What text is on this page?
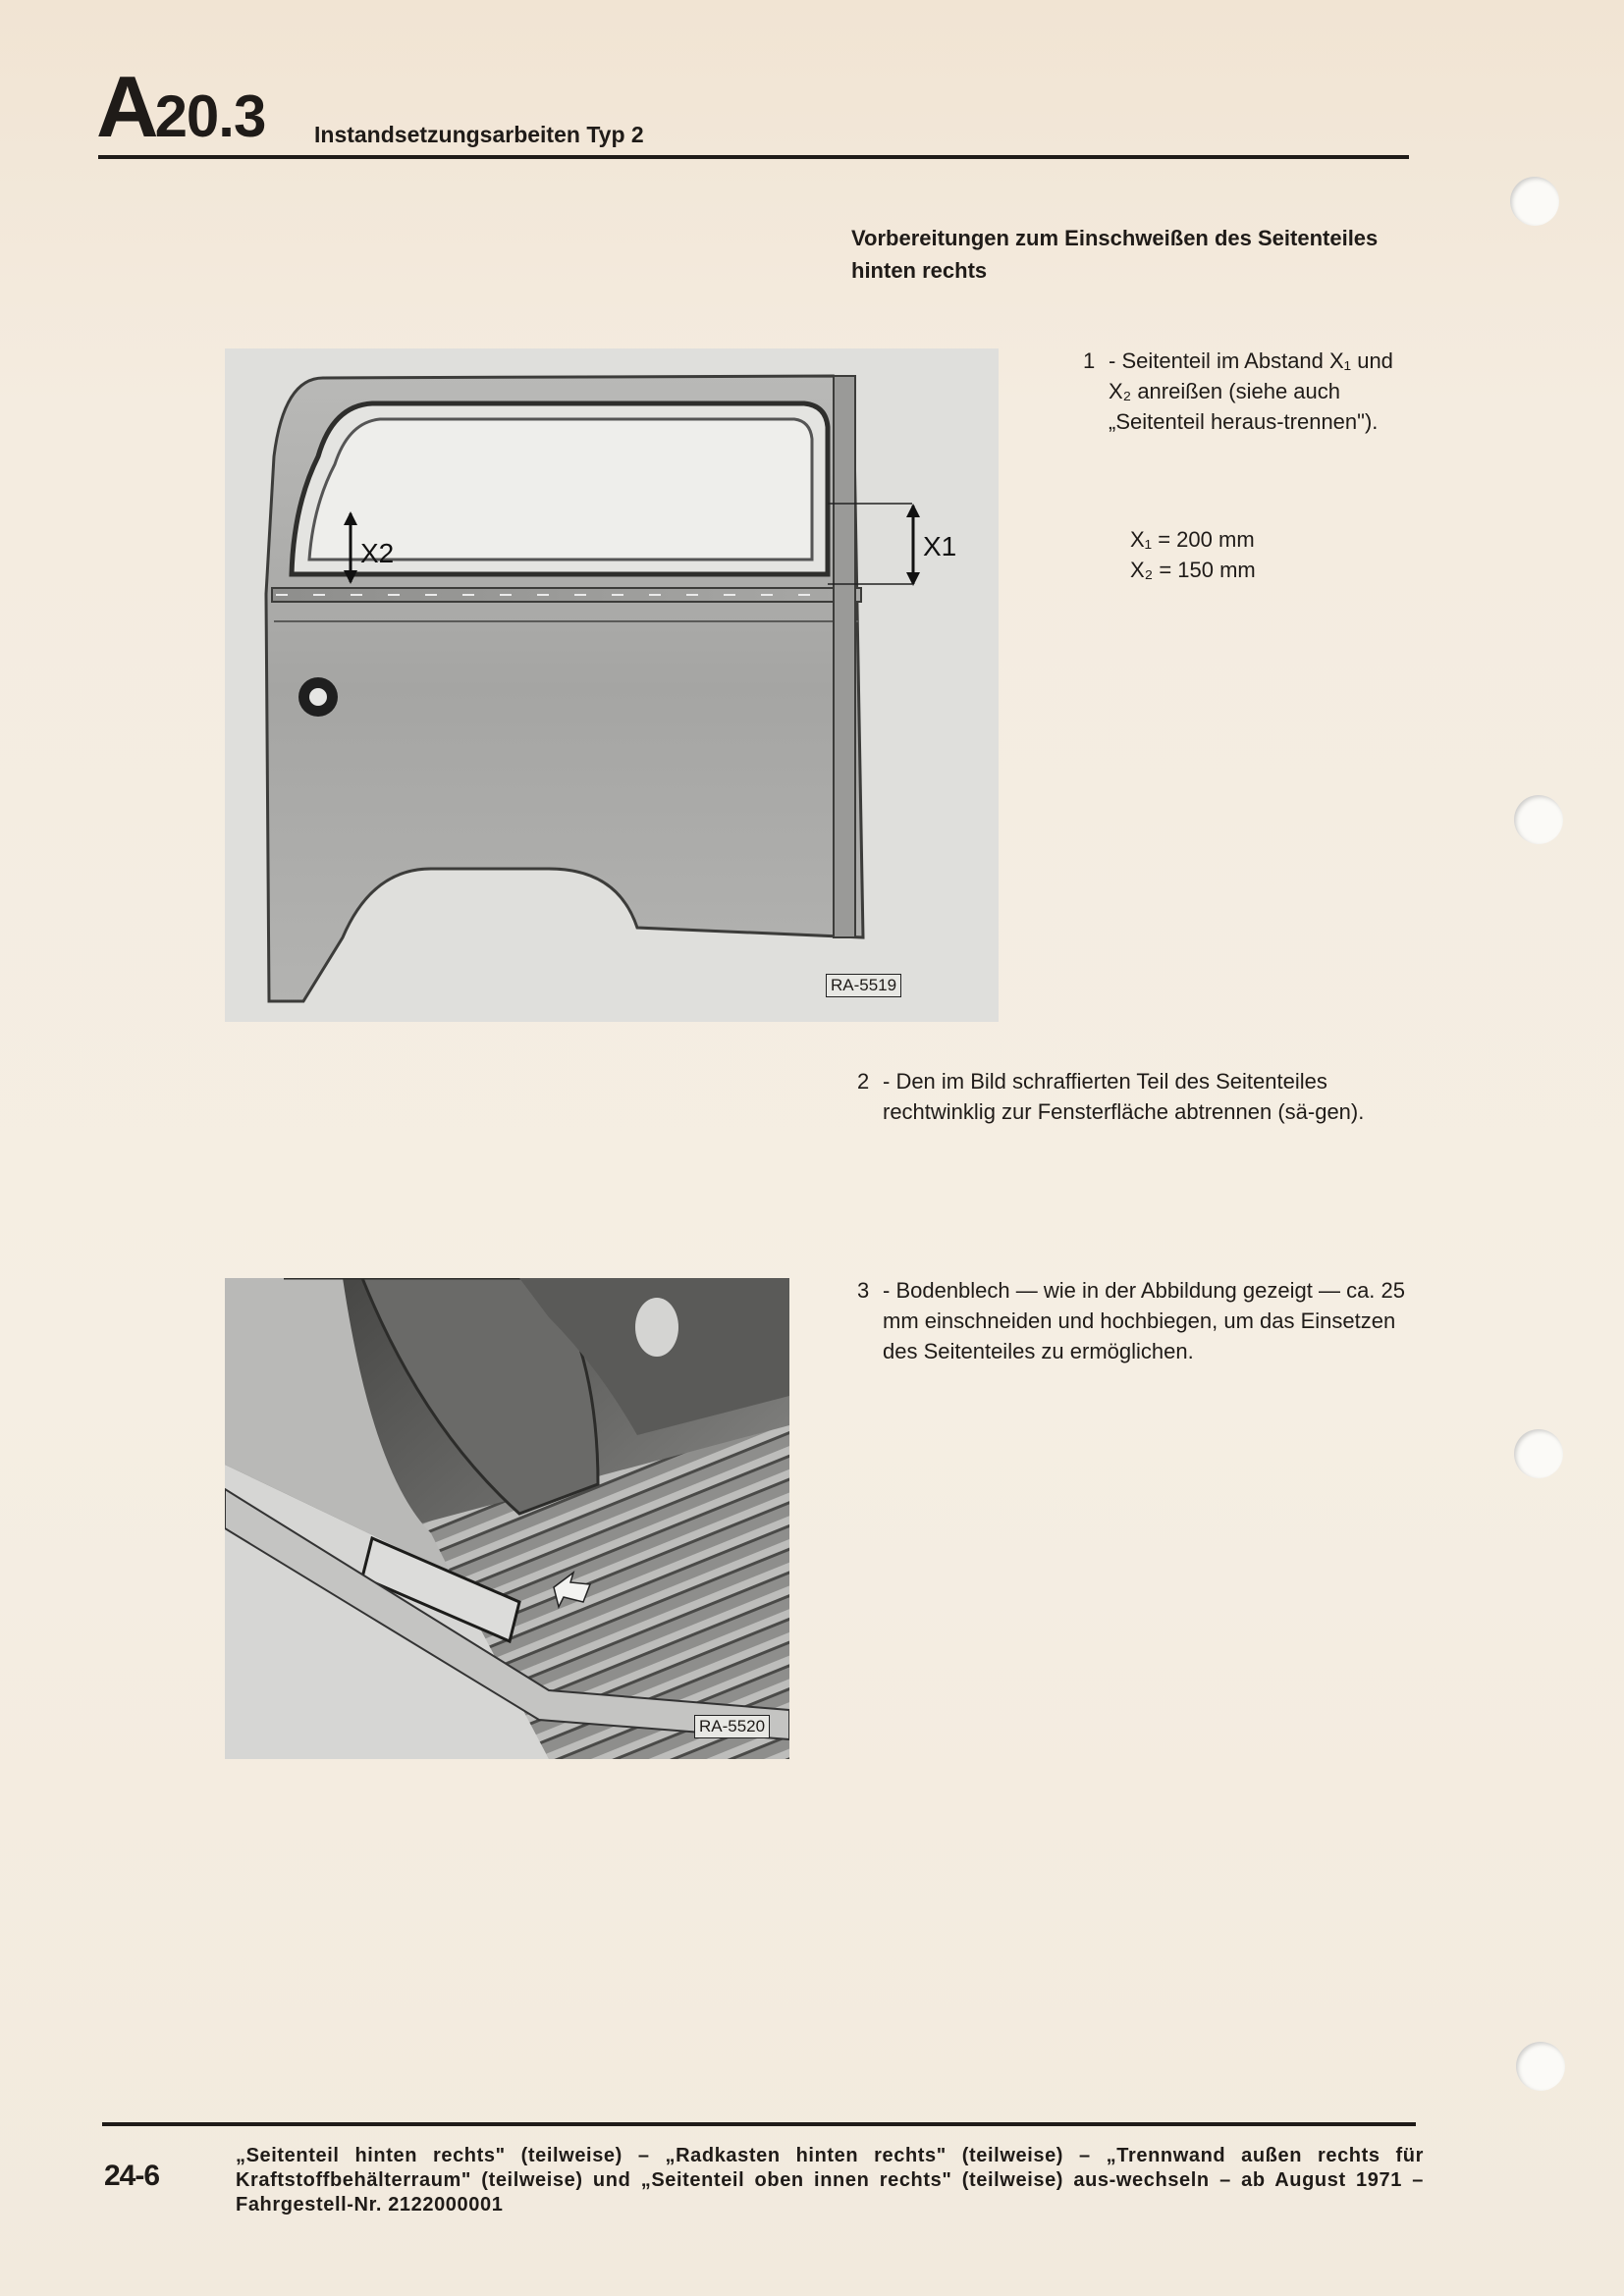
A20.3 Instandsetzungsarbeiten Typ 2
Vorbereitungen zum Einschweißen des Seitenteiles hinten rechts
X2	X1
RA-5519
1 - Seitenteil im Abstand X₁ und X₂ anreißen (siehe auch „Seitenteil heraus-trennen").
X₁ = 200 mm
X₂ = 150 mm
2 - Den im Bild schraffierten Teil des Seitenteiles rechtwinklig zur Fensterfläche abtrennen (sä-gen).
RA-5520
3 - Bodenblech — wie in der Abbildung gezeigt — ca. 25 mm einschneiden und hochbiegen, um das Einsetzen des Seitenteiles zu ermöglichen.
24-6
„Seitenteil hinten rechts" (teilweise) – „Radkasten hinten rechts" (teilweise) – „Trennwand außen rechts für Kraftstoffbehälterraum" (teilweise) und „Seitenteil oben innen rechts" (teilweise) aus-wechseln – ab August 1971 – Fahrgestell-Nr. 2122000001
